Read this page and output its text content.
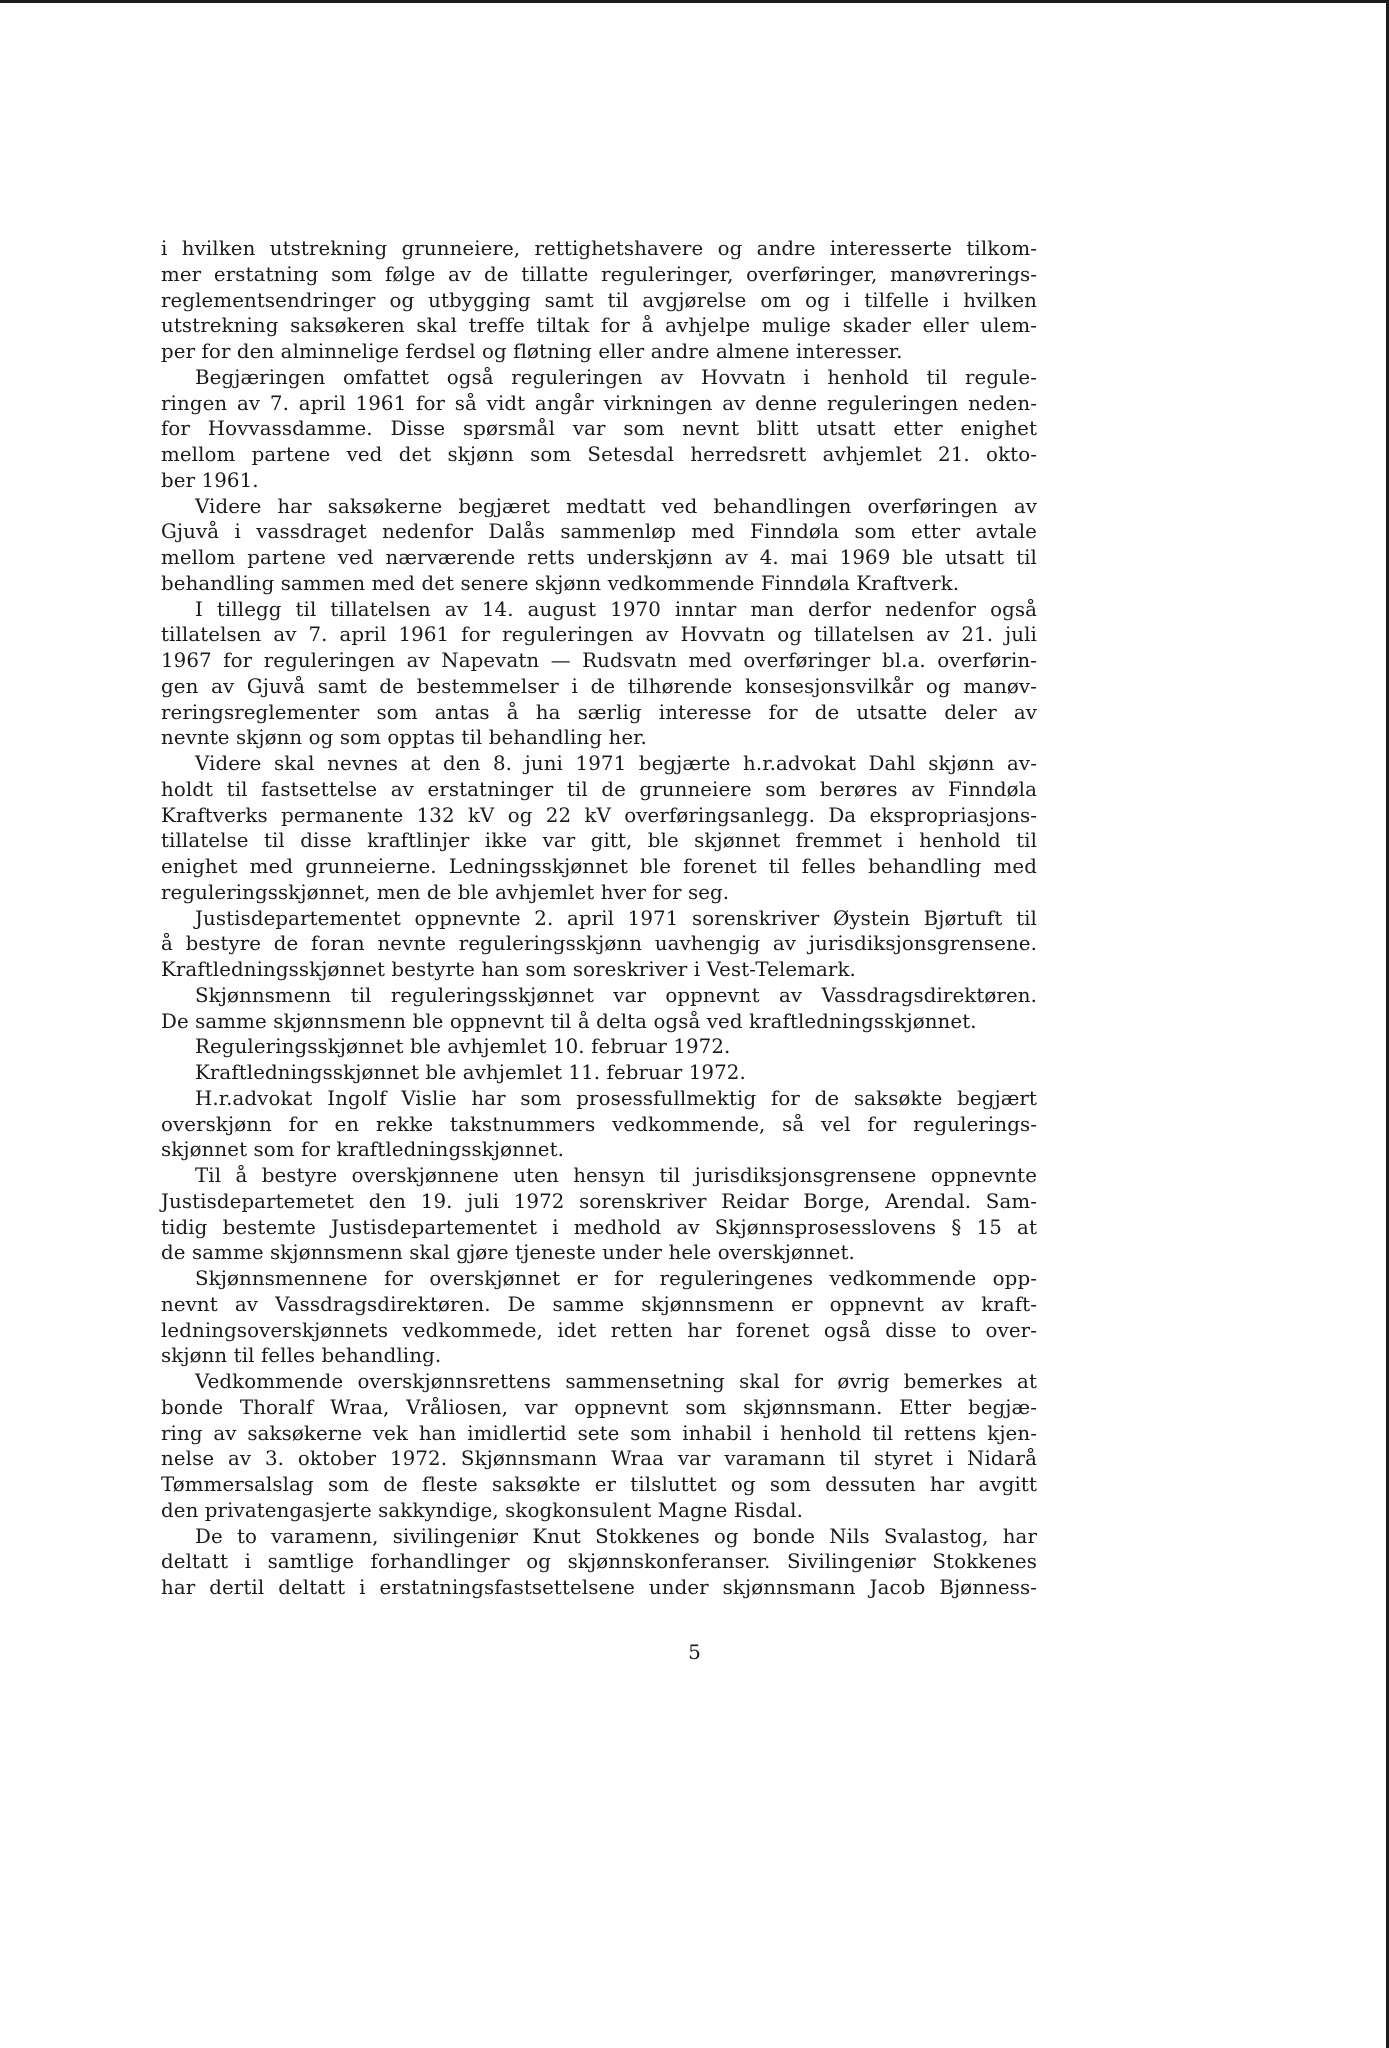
i hvilken utstrekning grunneiere, rettighetshavere og andre interesserte tilkom-
mer erstatning som følge av de tillatte reguleringer, overføringer, manøvrerings-
reglementsendringer og utbygging samt til avgjørelse om og i tilfelle i hvilken
utstrekning saksøkeren skal treffe tiltak for å avhjelpe mulige skader eller ulem-
per for den alminnelige ferdsel og fløtning eller andre almene interesser.
Begjæringen omfattet også reguleringen av Hovvatn i henhold til regule-
ringen av 7. april 1961 for så vidt angår virkningen av denne reguleringen neden-
for Hovvassdamme. Disse spørsmål var som nevnt blitt utsatt etter enighet
mellom partene ved det skjønn som Setesdal herredsrett avhjemlet 21. okto-
ber 1961.
Videre har saksøkerne begjæret medtatt ved behandlingen overføringen av
Gjuvå i vassdraget nedenfor Dalås sammenløp med Finndøla som etter avtale
mellom partene ved nærværende retts underskjønn av 4. mai 1969 ble utsatt til
behandling sammen med det senere skjønn vedkommende Finndøla Kraftverk.
I tillegg til tillatelsen av 14. august 1970 inntar man derfor nedenfor også
tillatelsen av 7. april 1961 for reguleringen av Hovvatn og tillatelsen av 21. juli
1967 for reguleringen av Napevatn — Rudsvatn med overføringer bl.a. overførin-
gen av Gjuvå samt de bestemmelser i de tilhørende konsesjonsvilkår og manøv-
reringsreglementer som antas å ha særlig interesse for de utsatte deler av
nevnte skjønn og som opptas til behandling her.
Videre skal nevnes at den 8. juni 1971 begjærte h.r.advokat Dahl skjønn av-
holdt til fastsettelse av erstatninger til de grunneiere som berøres av Finndøla
Kraftverks permanente 132 kV og 22 kV overføringsanlegg. Da ekspropriasjons-
tillatelse til disse kraftlinjer ikke var gitt, ble skjønnet fremmet i henhold til
enighet med grunneierne. Ledningsskjønnet ble forenet til felles behandling med
reguleringsskjønnet, men de ble avhjemlet hver for seg.
Justisdepartementet oppnevnte 2. april 1971 sorenskriver Øystein Bjørtuft til
å bestyre de foran nevnte reguleringsskjønn uavhengig av jurisdiksjonsgrensene.
Kraftledningsskjønnet bestyrte han som soreskriver i Vest-Telemark.
Skjønnsmenn til reguleringsskjønnet var oppnevnt av Vassdragsdirektøren.
De samme skjønnsmenn ble oppnevnt til å delta også ved kraftledningsskjønnet.
Reguleringsskjønnet ble avhjemlet 10. februar 1972.
Kraftledningsskjønnet ble avhjemlet 11. februar 1972.
H.r.advokat Ingolf Vislie har som prosessfullmektig for de saksøkte begjært
overskjønn for en rekke takstnummers vedkommende, så vel for regulerings-
skjønnet som for kraftledningsskjønnet.
Til å bestyre overskjønnene uten hensyn til jurisdiksjonsgrensene oppnevnte
Justisdepartemetet den 19. juli 1972 sorenskriver Reidar Borge, Arendal. Sam-
tidig bestemte Justisdepartementet i medhold av Skjønnsprosesslovens § 15 at
de samme skjønnsmenn skal gjøre tjeneste under hele overskjønnet.
Skjønnsmennene for overskjønnet er for reguleringenes vedkommende opp-
nevnt av Vassdragsdirektøren. De samme skjønnsmenn er oppnevnt av kraft-
ledningsoverskjønnets vedkommede, idet retten har forenet også disse to over-
skjønn til felles behandling.
Vedkommende overskjønnsrettens sammensetning skal for øvrig bemerkes at
bonde Thoralf Wraa, Vråliosen, var oppnevnt som skjønnsmann. Etter begjæ-
ring av saksøkerne vek han imidlertid sete som inhabil i henhold til rettens kjen-
nelse av 3. oktober 1972. Skjønnsmann Wraa var varamann til styret i Nidarå
Tømmersalslag som de fleste saksøkte er tilsluttet og som dessuten har avgitt
den privatengasjerte sakkyndige, skogkonsulent Magne Risdal.
De to varamenn, sivilingeniør Knut Stokkenes og bonde Nils Svalastog, har
deltatt i samtlige forhandlinger og skjønnskonferanser. Sivilingeniør Stokkenes
har dertil deltatt i erstatningsfastsettelsene under skjønnsmann Jacob Bjønness-
5
